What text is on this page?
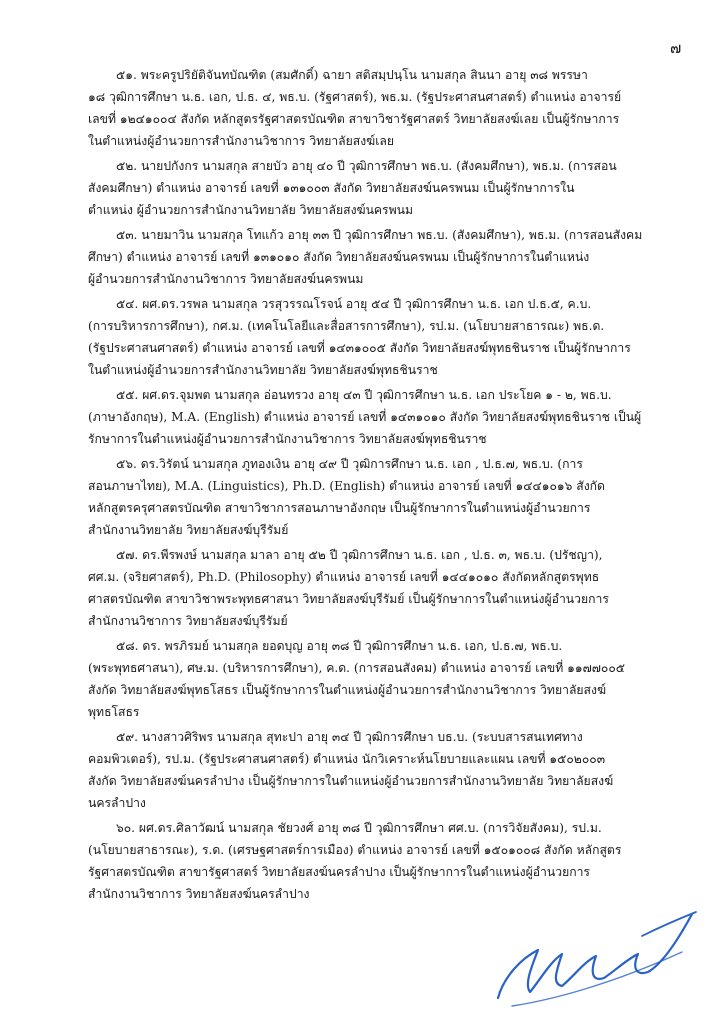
๗
๕๑. พระครูปริยัติจันทบัณฑิต (สมศักดิ์) ฉายา สติสมฺปนฺโน นามสกุล สินนา อายุ ๓๘ พรรษา
๑๘ วุฒิการศึกษา น.ธ. เอก, ป.ธ. ๔, พธ.บ. (รัฐศาสตร์), พธ.ม. (รัฐประศาสนศาสตร์) ตำแหน่ง อาจารย์
เลขที่ ๑๒๔๑๐๐๔ สังกัด หลักสูตรรัฐศาสตรบัณฑิต สาขาวิชารัฐศาสตร์ วิทยาลัยสงฆ์เลย เป็นผู้รักษาการ
ในตำแหน่งผู้อำนวยการสำนักงานวิชาการ วิทยาลัยสงฆ์เลย
๕๒. นายปกังกร นามสกุล สายบัว อายุ ๔๐ ปี วุฒิการศึกษา พธ.บ. (สังคมศึกษา), พธ.ม. (การสอน
สังคมศึกษา) ตำแหน่ง อาจารย์ เลขที่ ๑๓๑๐๐๓ สังกัด วิทยาลัยสงฆ์นครพนม เป็นผู้รักษาการใน
ตำแหน่ง ผู้อำนวยการสำนักงานวิทยาลัย วิทยาลัยสงฆ์นครพนม
๕๓. นายมาวิน นามสกุล โทแก้ว อายุ ๓๓ ปี วุฒิการศึกษา พธ.บ. (สังคมศึกษา), พธ.ม. (การสอนสังคม
ศึกษา) ตำแหน่ง อาจารย์ เลขที่ ๑๓๑๐๑๐ สังกัด วิทยาลัยสงฆ์นครพนม เป็นผู้รักษาการในตำแหน่ง
ผู้อำนวยการสำนักงานวิชาการ วิทยาลัยสงฆ์นครพนม
๕๔. ผศ.ดร.วรพล นามสกุล วรสุวรรณโรจน์ อายุ ๕๔ ปี วุฒิการศึกษา น.ธ. เอก ป.ธ.๕, ค.บ.
(การบริหารการศึกษา), กศ.ม. (เทคโนโลยีและสื่อสารการศึกษา), รป.ม. (นโยบายสาธารณะ) พธ.ด.
(รัฐประศาสนศาสตร์) ตำแหน่ง อาจารย์ เลขที่ ๑๔๓๑๐๐๕ สังกัด วิทยาลัยสงฆ์พุทธชินราช เป็นผู้รักษาการ
ในตำแหน่งผู้อำนวยการสำนักงานวิทยาลัย วิทยาลัยสงฆ์พุทธชินราช
๕๕. ผศ.ดร.จุมพต นามสกุล อ่อนทรวง อายุ ๔๓ ปี วุฒิการศึกษา น.ธ. เอก ประโยค ๑ - ๒, พธ.บ.
(ภาษาอังกฤษ), M.A. (English) ตำแหน่ง อาจารย์ เลขที่ ๑๔๓๑๐๑๐ สังกัด วิทยาลัยสงฆ์พุทธชินราช เป็นผู้
รักษาการในตำแหน่งผู้อำนวยการสำนักงานวิชาการ วิทยาลัยสงฆ์พุทธชินราช
๕๖. ดร.วิรัตน์ นามสกุล ภูทองเงิน อายุ ๔๙ ปี วุฒิการศึกษา น.ธ. เอก , ป.ธ.๗, พธ.บ. (การ
สอนภาษาไทย), M.A. (Linguistics), Ph.D. (English) ตำแหน่ง อาจารย์ เลขที่ ๑๔๔๑๐๑๖ สังกัด
หลักสูตรครุศาสตรบัณฑิต สาขาวิชาการสอนภาษาอังกฤษ เป็นผู้รักษาการในตำแหน่งผู้อำนวยการ
สำนักงานวิทยาลัย วิทยาลัยสงฆ์บุรีรัมย์
๕๗. ดร.พีรพงษ์ นามสกุล มาลา อายุ ๕๒ ปี วุฒิการศึกษา น.ธ. เอก , ป.ธ. ๓, พธ.บ. (ปรัชญา),
ศศ.ม. (จริยศาสตร์), Ph.D. (Philosophy) ตำแหน่ง อาจารย์ เลขที่ ๑๔๔๑๐๑๐ สังกัดหลักสูตรพุทธ
ศาสตรบัณฑิต สาขาวิชาพระพุทธศาสนา วิทยาลัยสงฆ์บุรีรัมย์ เป็นผู้รักษาการในตำแหน่งผู้อำนวยการ
สำนักงานวิชาการ วิทยาลัยสงฆ์บุรีรัมย์
๕๘. ดร. พรภิรมย์ นามสกุล ยอดบุญ อายุ ๓๘ ปี วุฒิการศึกษา น.ธ. เอก, ป.ธ.๗, พธ.บ.
(พระพุทธศาสนา), ศษ.ม. (บริหารการศึกษา), ค.ด. (การสอนสังคม) ตำแหน่ง อาจารย์ เลขที่ ๑๑๗๗๐๐๕
สังกัด วิทยาลัยสงฆ์พุทธโสธร เป็นผู้รักษาการในตำแหน่งผู้อำนวยการสำนักงานวิชาการ วิทยาลัยสงฆ์
พุทธโสธร
๕๙. นางสาวศิริพร นามสกุล สุทะปา อายุ ๓๔ ปี วุฒิการศึกษา บธ.บ. (ระบบสารสนเทศทาง
คอมพิวเตอร์), รป.ม. (รัฐประศาสนศาสตร์) ตำแหน่ง นักวิเคราะห์นโยบายและแผน เลขที่ ๑๕๐๒๐๐๓
สังกัด วิทยาลัยสงฆ์นครลำปาง เป็นผู้รักษาการในตำแหน่งผู้อำนวยการสำนักงานวิทยาลัย วิทยาลัยสงฆ์
นครลำปาง
๖๐. ผศ.ดร.ศิลาวัฒน์ นามสกุล ชัยวงศ์ อายุ ๓๘ ปี วุฒิการศึกษา ศศ.บ. (การวิจัยสังคม), รป.ม.
(นโยบายสาธารณะ), ร.ด. (เศรษฐศาสตร์การเมือง) ตำแหน่ง อาจารย์ เลขที่ ๑๕๐๑๐๐๘ สังกัด หลักสูตร
รัฐศาสตรบัณฑิต สาขารัฐศาสตร์ วิทยาลัยสงฆ์นครลำปาง เป็นผู้รักษาการในตำแหน่งผู้อำนวยการ
สำนักงานวิชาการ วิทยาลัยสงฆ์นครลำปาง
